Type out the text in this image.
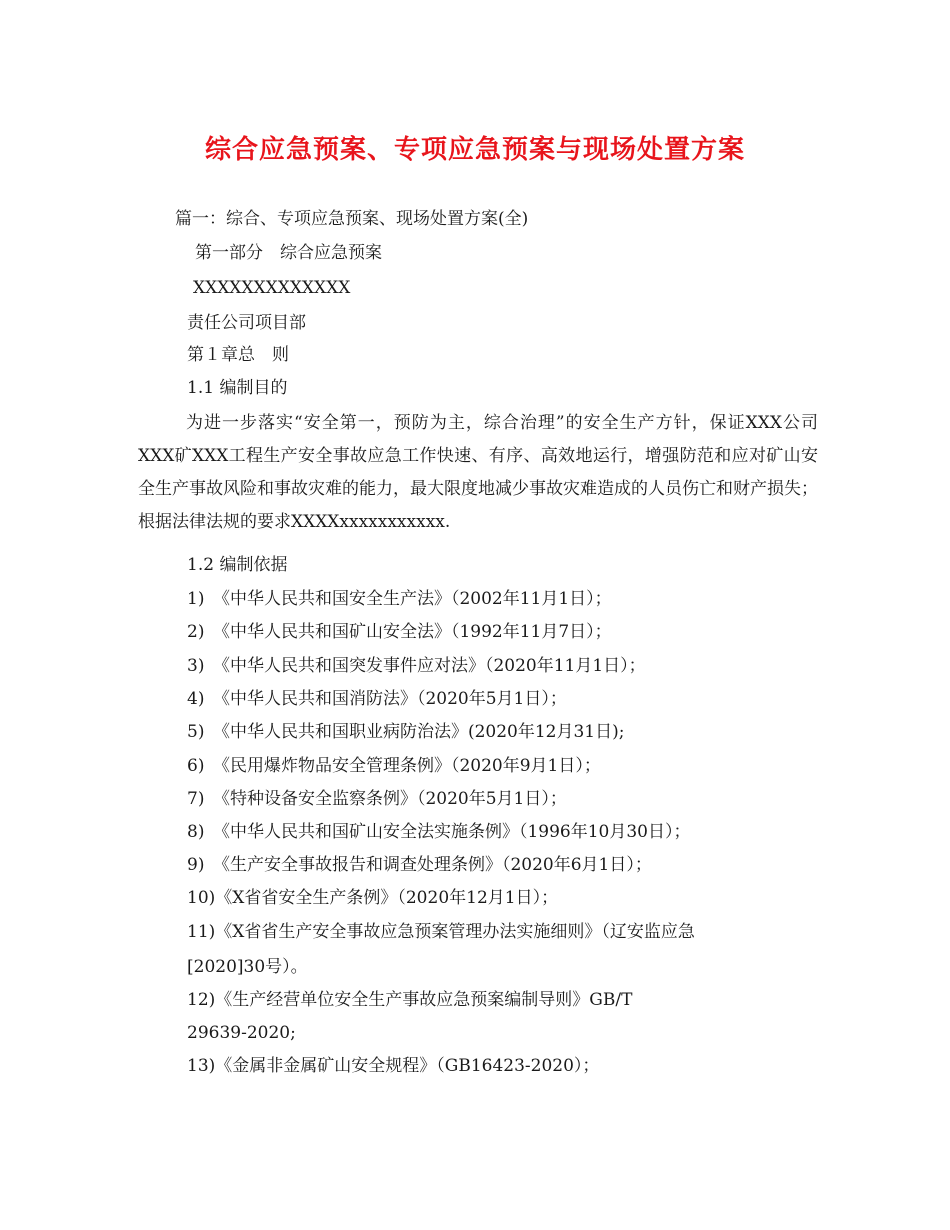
综合应急预案、专项应急预案与现场处置方案
篇一：综合、专项应急预案、现场处置方案(全)
第一部分　综合应急预案
XXXXXXXXXXXXX
责任公司项目部
第１章总　则
1.1 编制目的
为进一步落实“安全第一，预防为主，综合治理”的安全生产方针，保证XXX公司XXX矿XXX工程生产安全事故应急工作快速、有序、高效地运行，增强防范和应对矿山安全生产事故风险和事故灾难的能力，最大限度地减少事故灾难造成的人员伤亡和财产损失；根据法律法规的要求XXXXxxxxxxxxxxx.
1.2 编制依据
1)　《中华人民共和国安全生产法》（2002年11月1日）；
2)　《中华人民共和国矿山安全法》（1992年11月7日）；
3)　《中华人民共和国突发事件应对法》（2020年11月1日）；
4)　《中华人民共和国消防法》（2020年5月1日）；
5)　《中华人民共和国职业病防治法》(2020年12月31日);
6)　《民用爆炸物品安全管理条例》（2020年9月1日）；
7)　《特种设备安全监察条例》（2020年5月1日）；
8)　《中华人民共和国矿山安全法实施条例》（1996年10月30日）；
9)　《生产安全事故报告和调查处理条例》（2020年6月1日）；
10)《X省省安全生产条例》（2020年12月1日）；
11)《X省省生产安全事故应急预案管理办法实施细则》（辽安监应急
[2020]30号）。
12)《生产经营单位安全生产事故应急预案编制导则》GB/T
29639-2020;
13)《金属非金属矿山安全规程》（GB16423-2020）；
